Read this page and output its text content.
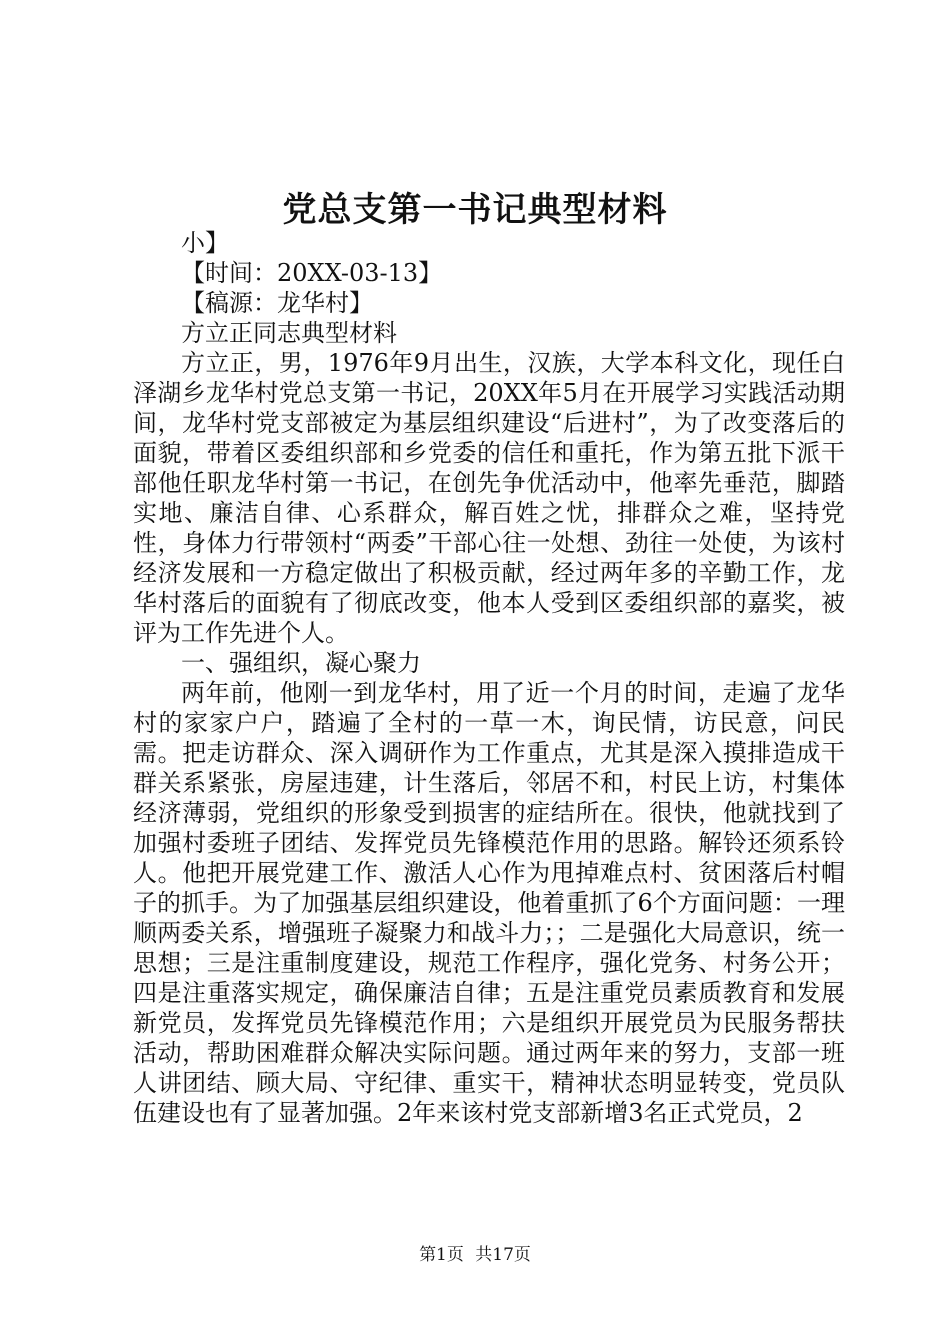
党总支第一书记典型材料

小】

【时间：20XX-03-13】

【稿源：龙华村】

方立正同志典型材料

方立正，男，1976年9月出生，汉族，大学本科文化，现任白泽湖乡龙华村党总支第一书记，20XX年5月在开展学习实践活动期间，龙华村党支部被定为基层组织建设“后进村”，为了改变落后的面貌，带着区委组织部和乡党委的信任和重托，作为第五批下派干部他任职龙华村第一书记，在创先争优活动中，他率先垂范，脚踏实地、廉洁自律、心系群众，解百姓之忧，排群众之难，坚持党性，身体力行带领村“两委”干部心往一处想、劲往一处使，为该村经济发展和一方稳定做出了积极贡献，经过两年多的辛勤工作，龙华村落后的面貌有了彻底改变，他本人受到区委组织部的嘉奖，被评为工作先进个人。

一、强组织，凝心聚力

两年前，他刚一到龙华村，用了近一个月的时间，走遍了龙华村的家家户户，踏遍了全村的一草一木，询民情，访民意，问民需。把走访群众、深入调研作为工作重点，尤其是深入摸排造成干群关系紧张，房屋违建，计生落后，邻居不和，村民上访，村集体经济薄弱，党组织的形象受到损害的症结所在。很快，他就找到了加强村委班子团结、发挥党员先锋模范作用的思路。解铃还须系铃人。他把开展党建工作、激活人心作为甩掉难点村、贫困落后村帽子的抓手。为了加强基层组织建设，他着重抓了6个方面问题：一理顺两委关系，增强班子凝聚力和战斗力；；二是强化大局意识，统一思想；三是注重制度建设，规范工作程序，强化党务、村务公开；四是注重落实规定，确保廉洁自律；五是注重党员素质教育和发展新党员，发挥党员先锋模范作用；六是组织开展党员为民服务帮扶活动，帮助困难群众解决实际问题。通过两年来的努力，支部一班人讲团结、顾大局、守纪律、重实干，精神状态明显转变，党员队伍建设也有了显著加强。2年来该村党支部新增3名正式党员，2

第1页 共17页
